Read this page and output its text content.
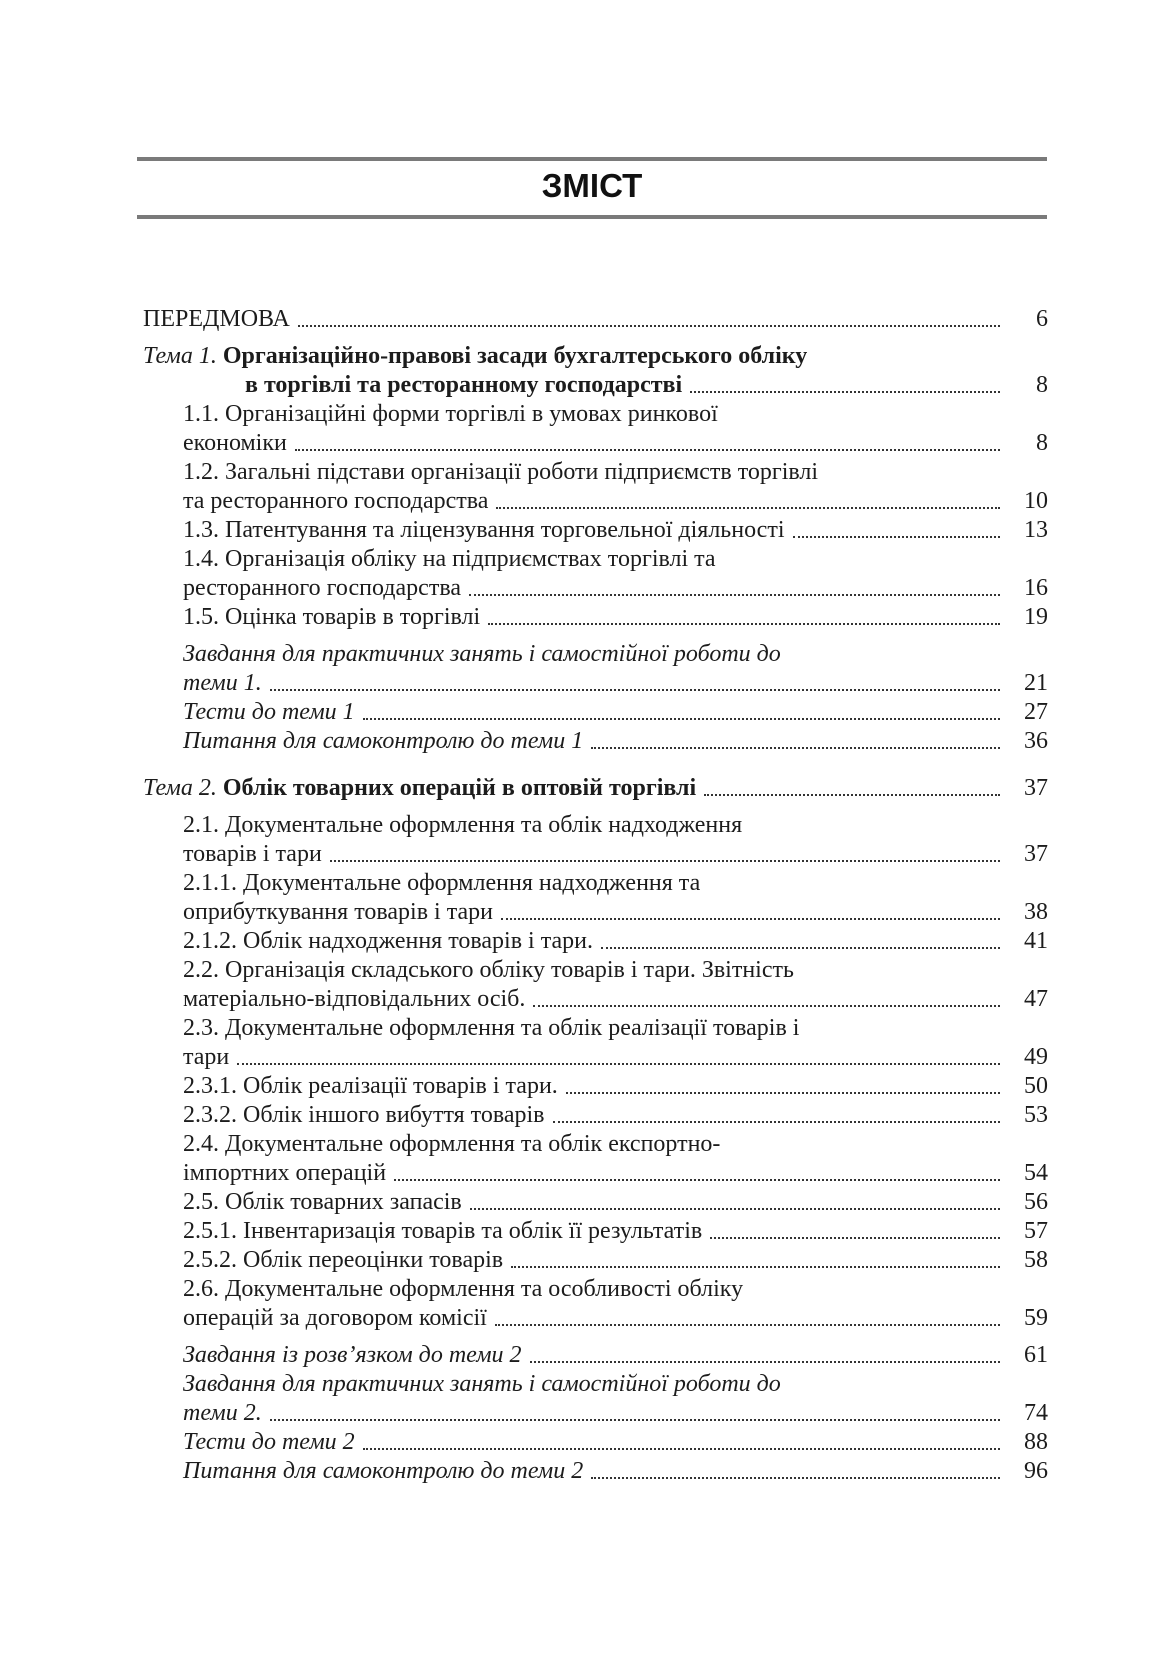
ЗМІСТ
ПЕРЕДМОВА	6
Тема 1. Організаційно-правові засади бухгалтерського обліку
в торгівлі та ресторанному господарстві	8
1.1. Організаційні форми торгівлі в умовах ринкової
економіки	8
1.2. Загальні підстави організації роботи підприємств торгівлі
та ресторанного господарства	10
1.3. Патентування та ліцензування торговельної діяльності	13
1.4. Організація обліку на підприємствах торгівлі та
ресторанного господарства	16
1.5. Оцінка товарів в торгівлі	19
Завдання для практичних занять і самостійної роботи до
теми 1.	21
Тести до теми 1	27
Питання для самоконтролю до теми 1	36
Тема 2. Облік товарних операцій в оптовій торгівлі	37
2.1. Документальне оформлення та облік надходження
товарів і тари	37
2.1.1. Документальне оформлення надходження та
оприбуткування товарів і тари	38
2.1.2. Облік надходження товарів і тари.	41
2.2. Організація складського обліку товарів і тари. Звітність
матеріально-відповідальних осіб.	47
2.3. Документальне оформлення та облік реалізації товарів і
тари	49
2.3.1. Облік реалізації товарів і тари.	50
2.3.2. Облік іншого вибуття товарів	53
2.4. Документальне оформлення та облік експортно-
імпортних операцій	54
2.5. Облік товарних запасів	56
2.5.1. Інвентаризація товарів та облік її результатів	57
2.5.2. Облік переоцінки товарів	58
2.6. Документальне оформлення та особливості обліку
операцій за договором комісії	59
Завдання із розв’язком до теми 2	61
Завдання для практичних занять і самостійної роботи до
теми 2.	74
Тести до теми 2	88
Питання для самоконтролю до теми 2	96
